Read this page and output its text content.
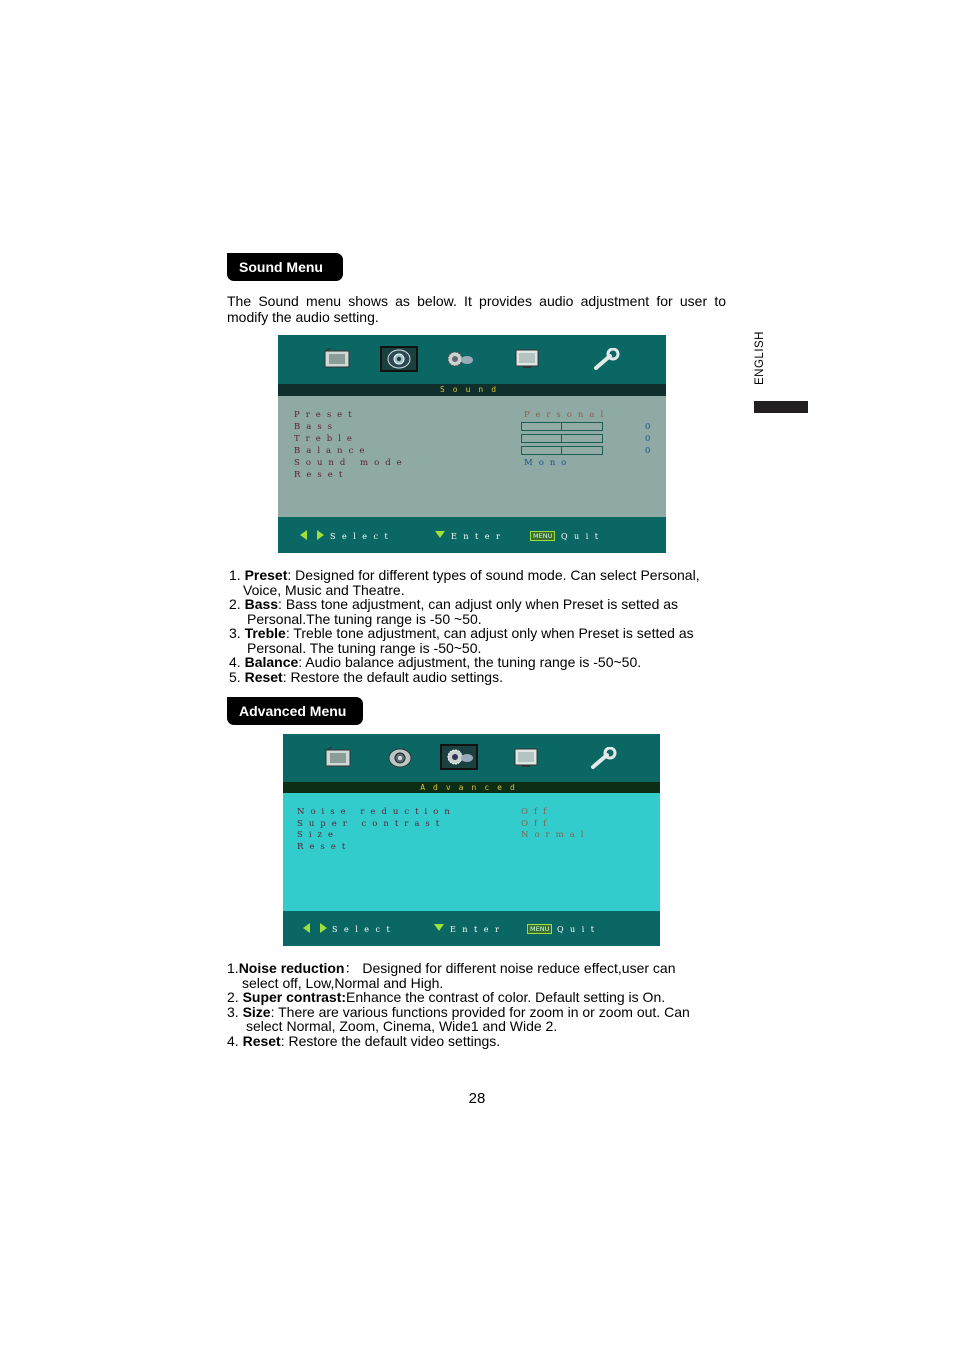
ENGLISH
Sound Menu

The Sound menu shows as below. It provides audio adjustment for user to modify the audio setting.

Sound
Preset	Personal
Bass	0
Treble	0
Balance	0
Sound mode	Mono
Reset
Select	Enter	MENU	Quit
1. Preset: Designed for different types of sound mode. Can select Personal,
Voice, Music and Theatre.
2. Bass: Bass tone adjustment, can adjust only when Preset is setted as
Personal.The tuning range is -50 ~50.
3. Treble: Treble tone adjustment, can adjust only when Preset is setted as
Personal. The tuning range is -50~50.
4. Balance: Audio balance adjustment, the tuning range is -50~50.
5. Reset: Restore the default audio settings.
Advanced Menu
Advanced
Noise reduction	Off
Super contrast	Off
Size	Normal
Reset
Select	Enter	MENU Quit
1.Noise reduction： Designed for different noise reduce effect,user can
select off, Low,Normal and High.
2. Super contrast:Enhance the contrast of color. Default setting is On.
3. Size: There are various functions provided for zoom in or zoom out. Can
select Normal, Zoom, Cinema, Wide1 and Wide 2.
4. Reset: Restore the default video settings.
28
